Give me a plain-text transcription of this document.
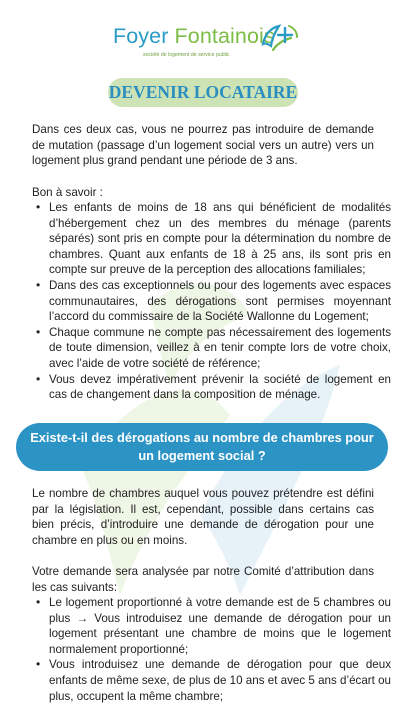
Foyer Fontainois
société de logement de service public
DEVENIR LOCATAIRE

Dans ces deux cas, vous ne pourrez pas introduire de demande de mutation (passage d’un logement social vers un autre) vers un logement plus grand pendant une période de 3 ans.

Bon à savoir :

• Les enfants de moins de 18 ans qui bénéficient de modalités d’hébergement chez un des membres du ménage (parents séparés) sont pris en compte pour la détermination du nombre de chambres. Quant aux enfants de 18 à 25 ans, ils sont pris en compte sur preuve de la perception des allocations familiales;
• Dans des cas exceptionnels ou pour des logements avec espaces communautaires, des dérogations sont permises moyennant l’accord du commissaire de la Société Wallonne du Logement;
• Chaque commune ne compte pas nécessairement des logements de toute dimension, veillez à en tenir compte lors de votre choix, avec l’aide de votre société de référence;
• Vous devez impérativement prévenir la société de logement en cas de changement dans la composition de ménage.
Existe-t-il des dérogations au nombre de chambres pour un logement social ?

Le nombre de chambres auquel vous pouvez prétendre est défini par la législation. Il est, cependant, possible dans certains cas bien précis, d’introduire une demande de dérogation pour une chambre en plus ou en moins.

Votre demande sera analysée par notre Comité d’attribution dans les cas suivants:

• Le logement proportionné à votre demande est de 5 chambres ou plus → Vous introduisez une demande de dérogation pour un logement présentant une chambre de moins que le logement normalement proportionné;
• Vous introduisez une demande de dérogation pour que deux enfants de même sexe, de plus de 10 ans et avec 5 ans d’écart ou plus, occupent la même chambre;
